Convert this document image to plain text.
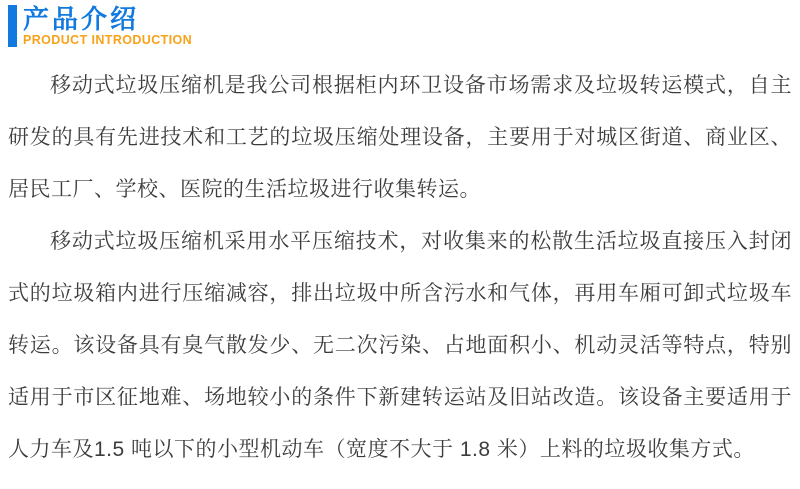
产品介绍
PRODUCT INTRODUCTION

移动式垃圾压缩机是我公司根据柜内环卫设备市场需求及垃圾转运模式，自主研发的具有先进技术和工艺的垃圾压缩处理设备，主要用于对城区街道、商业区、居民工厂、学校、医院的生活垃圾进行收集转运。

移动式垃圾压缩机采用水平压缩技术，对收集来的松散生活垃圾直接压入封闭式的垃圾箱内进行压缩减容，排出垃圾中所含污水和气体，再用车厢可卸式垃圾车转运。该设备具有臭气散发少、无二次污染、占地面积小、机动灵活等特点，特别适用于市区征地难、场地较小的条件下新建转运站及旧站改造。该设备主要适用于人力车及1.5 吨以下的小型机动车（宽度不大于 1.8 米）上料的垃圾收集方式。
